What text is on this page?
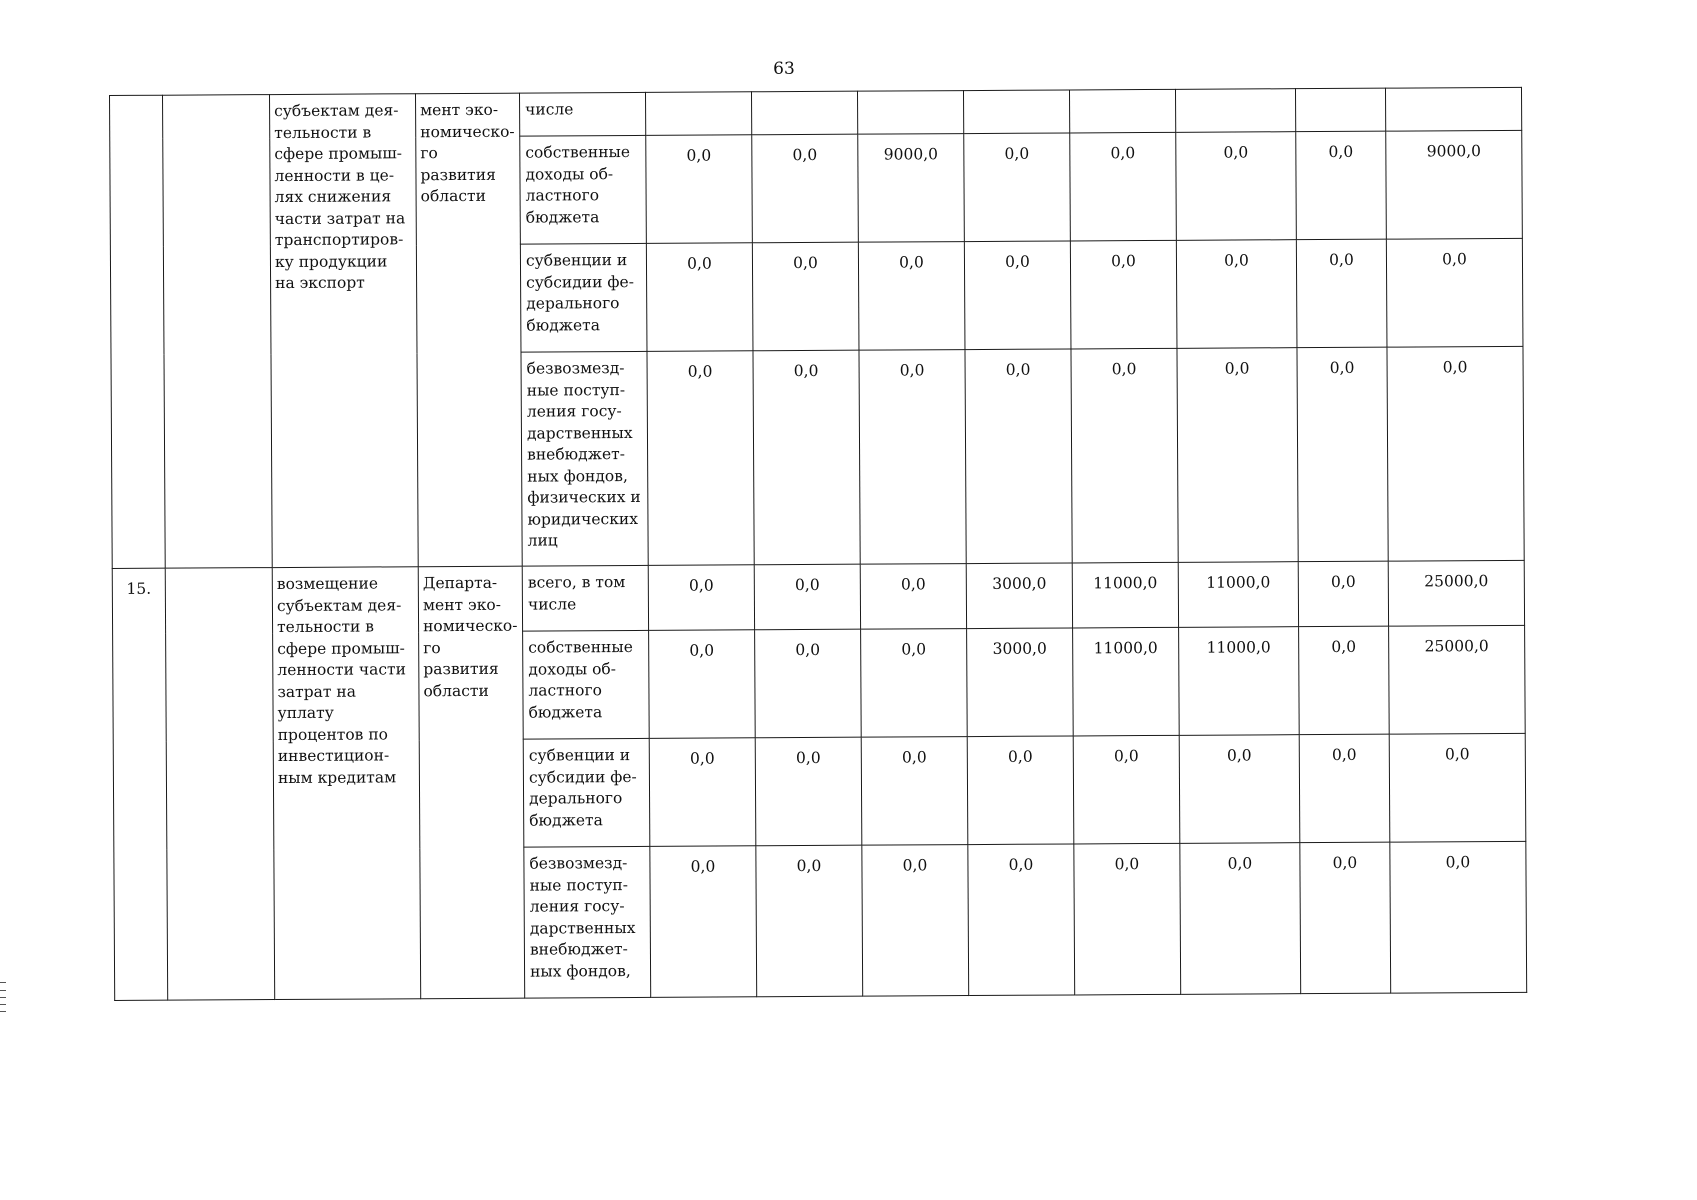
63
		субъектам дея-тельности в сфере промыш-ленности в це-лях снижения части затрат на транспортиров-ку продукции на экспорт	мент эко-номическо-го развития области	числе								
				собственные доходы об-ластного бюджета	0,0	0,0	9000,0	0,0	0,0	0,0	0,0	9000,0
				субвенции и субсидии фе-дерального бюджета	0,0	0,0	0,0	0,0	0,0	0,0	0,0	0,0
				безвозмезд-ные поступ-ления госу-дарственных внебюджет-ных фондов, физических и юридических лиц	0,0	0,0	0,0	0,0	0,0	0,0	0,0	0,0
15.		возмещение субъектам дея-тельности в сфере промыш-ленности части затрат на уплату процентов по инвестицион-ным кредитам	Департа-мент эко-номическо-го развития области	всего, в том числе	0,0	0,0	0,0	3000,0	11000,0	11000,0	0,0	25000,0
				собственные доходы об-ластного бюджета	0,0	0,0	0,0	3000,0	11000,0	11000,0	0,0	25000,0
				субвенции и субсидии фе-дерального бюджета	0,0	0,0	0,0	0,0	0,0	0,0	0,0	0,0
				безвозмезд-ные поступ-ления госу-дарственных внебюджет-ных фондов,	0,0	0,0	0,0	0,0	0,0	0,0	0,0	0,0
